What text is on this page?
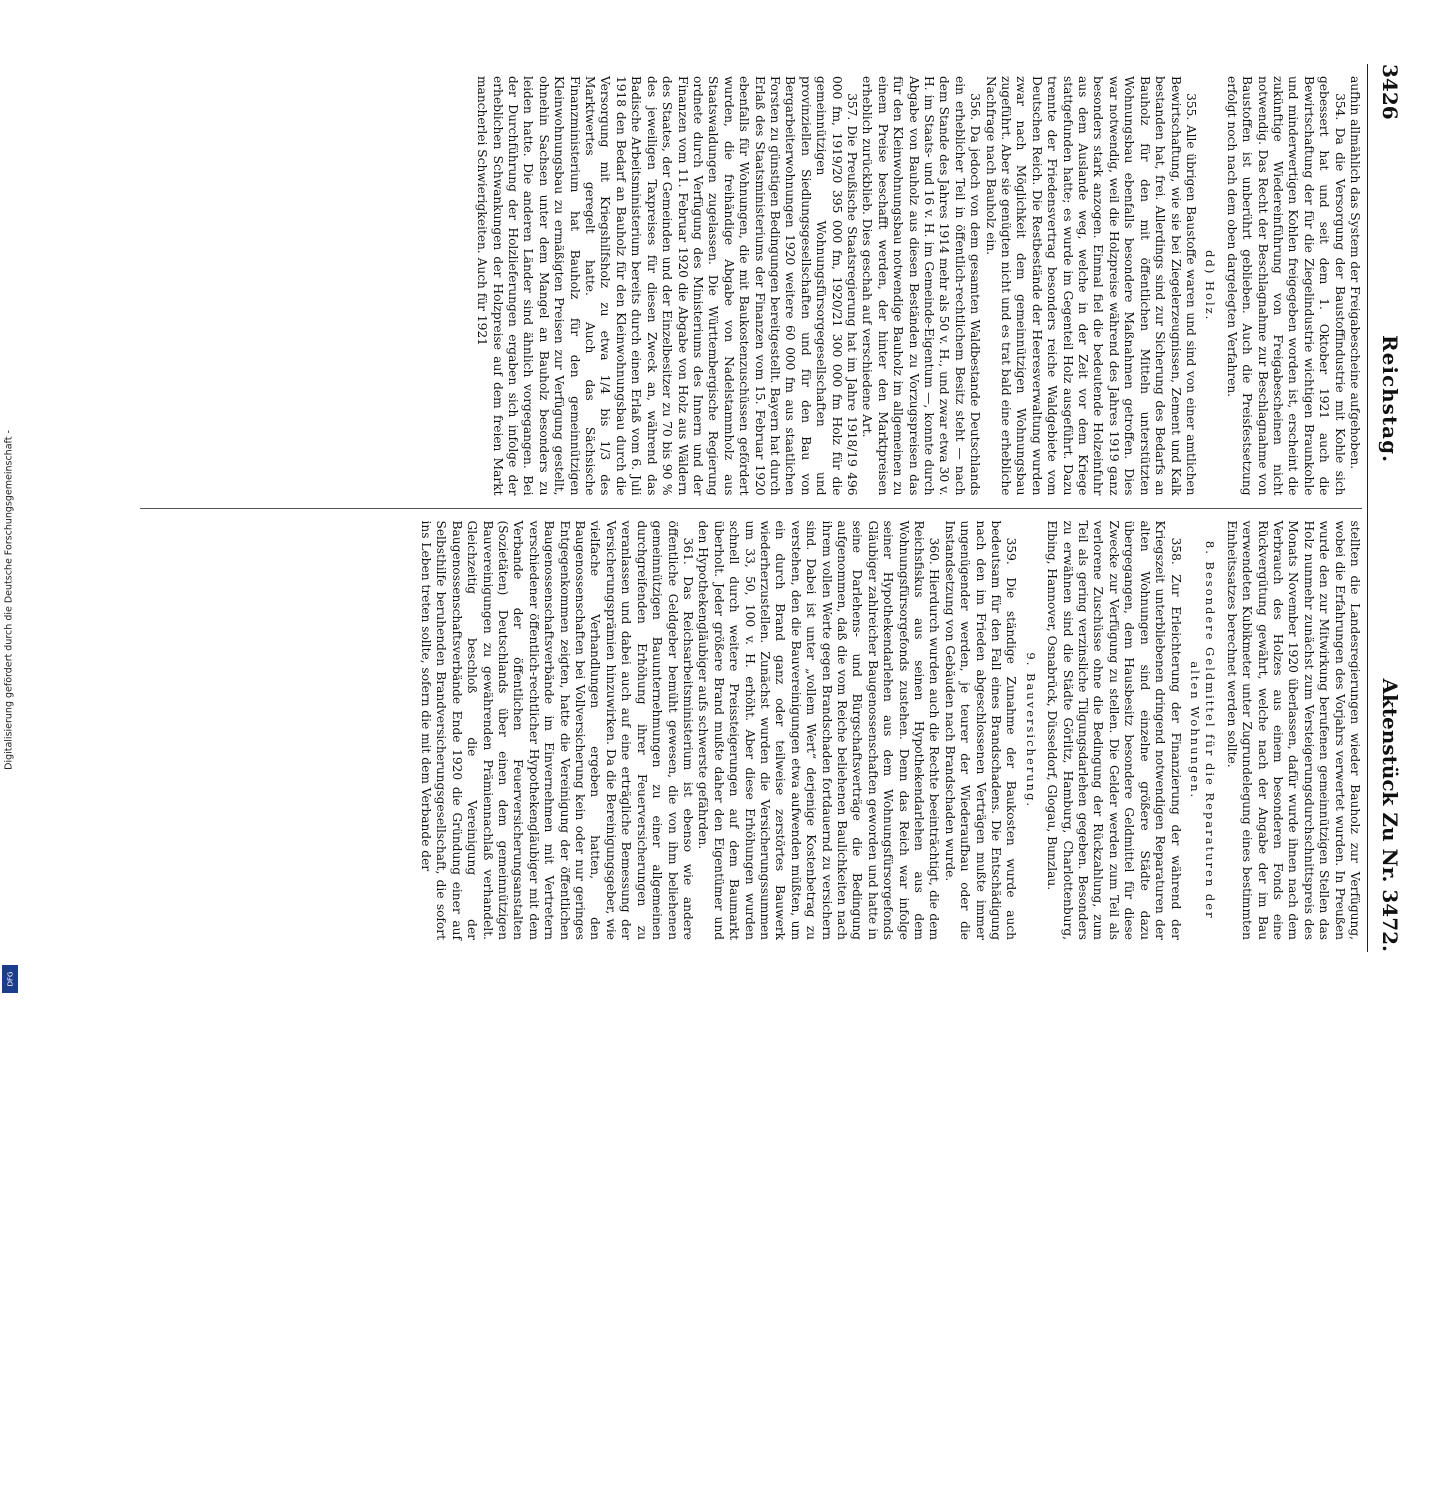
Digitalisierung gefördert durch die Deutsche Forschungsgemeinschaft -
DFG
3426
Reichstag.
Aktenstück Zu Nr. 3472.

aufhin allmählich das System der Freigabescheine aufgehoben.

354. Da die Versorgung der Baustoffindustrie mit Kohle sich gebessert hat und seit dem 1. Oktober 1921 auch die Bewirtschaftung der für die Ziegelindustrie wichtigen Braunkohle und minderwertigen Kohlen freigegeben worden ist, erscheint die zukünftige Wiedereinführung von Freigabescheinen nicht notwendig. Das Recht der Beschlagnahme zur Beschlagnahme von Baustoffen ist unberührt geblieben. Auch die Preisfestsetzung erfolgt noch nach dem oben dargelegten Verfahren.

dd) Holz.

355. Alle übrigen Baustoffe waren und sind von einer amtlichen Bewirtschaftung, wie sie bei Ziegelerzeugnissen, Zement und Kalk bestanden hat, frei. Allerdings sind zur Sicherung des Bedarfs an Bauholz für den mit öffentlichen Mitteln unterstützten Wohnungsbau ebenfalls besondere Maßnahmen getroffen. Dies war notwendig, weil die Holzpreise während des Jahres 1919 ganz besonders stark anzogen. Einmal fiel die bedeutende Holzeinfuhr aus dem Auslande weg, welche in der Zeit vor dem Kriege stattgefunden hatte; es wurde im Gegenteil Holz ausgeführt. Dazu trennte der Friedensvertrag besonders reiche Waldgebiete vom Deutschen Reich. Die Restbestände der Heeresverwaltung wurden zwar nach Möglichkeit dem gemeinnützigen Wohnungsbau zugeführt. Aber sie genügten nicht und es trat bald eine erhebliche Nachfrage nach Bauholz ein.

356. Da jedoch von dem gesamten Waldbestande Deutschlands ein erheblicher Teil in öffentlich-rechtlichem Besitz steht — nach dem Stande des Jahres 1914 mehr als 50 v. H., und zwar etwa 30 v. H. im Staats- und 16 v. H. im Gemeinde-Eigentum —, konnte durch Abgabe von Bauholz aus diesen Beständen zu Vorzugspreisen das für den Kleinwohnungsbau notwendige Bauholz im allgemeinen zu einem Preise beschafft werden, der hinter den Marktpreisen erheblich zurückblieb. Dies geschah auf verschiedene Art.

357. Die Preußische Staatsregierung hat im Jahre 1918/19 496 000 fm, 1919/20 395 000 fm, 1920/21 300 000 fm Holz für die gemeinnützigen Wohnungsfürsorgegesellschaften und provinziellen Siedlungsgesellschaften und für den Bau von Bergarbeiterwohnungen 1920 weitere 60 000 fm aus staatlichen Forsten zu günstigen Bedingungen bereitgestellt. Bayern hat durch Erlaß des Staatsministeriums der Finanzen vom 15. Februar 1920 ebenfalls für Wohnungen, die mit Baukostenzuschüssen gefördert wurden, die freihändige Abgabe von Nadelstammholz aus Staatswaldungen zugelassen. Die Württembergische Regierung ordnete durch Verfügung des Ministeriums des Innern und der Finanzen vom 11. Februar 1920 die Abgabe von Holz aus Wäldern des Staates, der Gemeinden und der Einzelbesitzer zu 70 bis 90 % des jeweiligen Taxpreises für diesen Zweck an, während das Badische Arbeitsministerium bereits durch einen Erlaß vom 6. Juli 1918 den Bedarf an Bauholz für den Kleinwohnungsbau durch die Versorgung mit Kriegshilfsholz zu etwa 1/4 bis 1/3 des Marktwertes geregelt hatte. Auch das Sächsische Finanzministerium hat Bauholz für den gemeinnützigen Kleinwohnungsbau zu ermäßigten Preisen zur Verfügung gestellt, ohnehin Sachsen unter dem Mangel an Bauholz besonders zu leiden hatte. Die anderen Länder sind ähnlich vorgegangen. Bei der Durchführung der Holzlieferungen ergaben sich infolge der erheblichen Schwankungen der Holzpreise auf dem freien Markt mancherlei Schwierigkeiten. Auch für 1921

stellten die Landesregierungen wieder Bauholz zur Verfügung, wobei die Erfahrungen des Vorjahrs verwertet wurden. In Preußen wurde den zur Mitwirkung berufenen gemeinnützigen Stellen das Holz nunmehr zunächst zum Versteigerungsdurchschnittspreis des Monats November 1920 überlassen, dafür wurde ihnen nach dem Verbrauch des Holzes aus einem besonderen Fonds eine Rückvergütung gewährt, welche nach der Angabe der im Bau verwendeten Kubikmeter unter Zugrundelegung eines bestimmten Einheitssatzes berechnet werden sollte.

8. Besondere Geldmittel für die Reparaturen der alten Wohnungen.

358. Zur Erleichterung der Finanzierung der während der Kriegszeit unterbliebenen dringend notwendigen Reparaturen der alten Wohnungen sind einzelne größere Städte dazu übergegangen, dem Hausbesitz besondere Geldmittel für diese Zwecke zur Verfügung zu stellen. Die Gelder werden zum Teil als verlorene Zuschüsse ohne die Bedingung der Rückzahlung, zum Teil als gering verzinsliche Tilgungsdarlehen gegeben. Besonders zu erwähnen sind die Städte Görlitz, Hamburg, Charlottenburg, Elbing, Hannover, Osnabrück, Düsseldorf, Glogau, Bunzlau.

9. Bauversicherung.

359. Die ständige Zunahme der Baukosten wurde auch bedeutsam für den Fall eines Brandschadens. Die Entschädigung nach den im Frieden abgeschlossenen Verträgen mußte immer ungenügender werden, je teurer der Wiederaufbau oder die Instandsetzung von Gebäuden nach Brandschaden wurde.

360. Hierdurch wurden auch die Rechte beeinträchtigt, die dem Reichsfiskus aus seinen Hypothekendarlehen aus dem Wohnungsfürsorgefonds zustehen. Denn das Reich war infolge seiner Hypothekendarlehen aus dem Wohnungsfürsorgefonds Gläubiger zahlreicher Baugenossenschaften geworden und hatte in seine Darlehens- und Bürgschaftsverträge die Bedingung aufgenommen, daß die vom Reiche beliehenen Baulichkeiten nach ihrem vollen Werte gegen Brandschaden fortdauernd zu versichern sind. Dabei ist unter „vollem Wert“ derjenige Kostenbetrag zu verstehen, den die Bauvereinigungen etwa aufwenden müßten, um ein durch Brand ganz oder teilweise zerstörtes Bauwerk wiederherzustellen. Zunächst wurden die Versicherungssummen um 33, 50, 100 v. H. erhöht. Aber diese Erhöhungen wurden schnell durch weitere Preissteigerungen auf dem Baumarkt überholt. Jeder größere Brand mußte daher den Eigentümer und den Hypothekengläubiger aufs schwerste gefährden.

361. Das Reichsarbeitsministerium ist ebenso wie andere öffentliche Geldgeber bemüht gewesen, die von ihm beliehenen gemeinnützigen Bauunternehmungen zu einer allgemeinen durchgreifenden Erhöhung ihrer Feuerversicherungen zu veranlassen und dabei auch auf eine erträgliche Bemessung der Versicherungsprämien hinzuwirken. Da die Bereinigungsgeber, wie vielfache Verhandlungen ergeben hatten, den Baugenossenschaften bei Vollversicherung kein oder nur geringes Entgegenkommen zeigten, hatte die Vereinigung der öffentlichen Baugenossenschaftsverbände im Einvernehmen mit Vertretern verschiedener öffentlich-rechtlicher Hypothekengläubiger mit dem Verbande der öffentlichen Feuerversicherungsanstalten (Sozietäten) Deutschlands über einen dem gemeinnützigen Bauvereinigungen zu gewährenden Prämiennachlaß verhandelt. Gleichzeitig beschloß die Vereinigung der Baugenossenschaftsverbände Ende 1920 die Gründung einer auf Selbsthilfe beruhenden Brandversicherungsgesellschaft, die sofort ins Leben treten sollte, sofern die mit dem Verbande der
